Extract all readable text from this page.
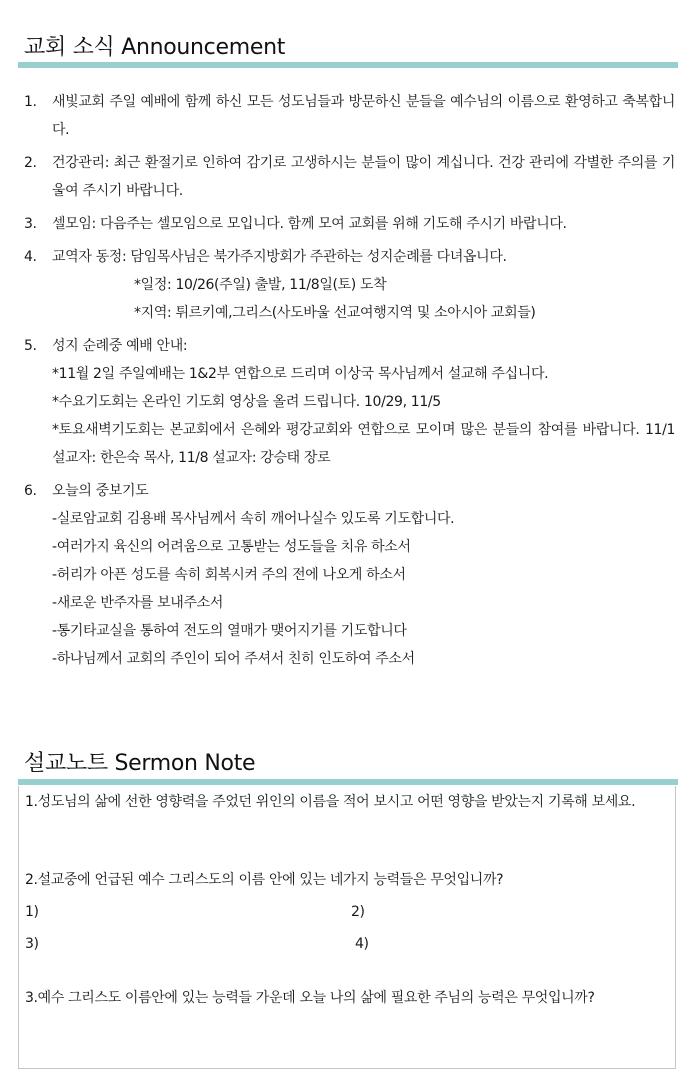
교회 소식 Announcement
1. 새빛교회 주일 예배에 함께 하신 모든 성도님들과 방문하신 분들을 예수님의 이름으로 환영하고 축복합니다.

2. 건강관리: 최근 환절기로 인하여 감기로 고생하시는 분들이 많이 계십니다. 건강 관리에 각별한 주의를 기울여 주시기 바랍니다.

3. 셀모임: 다음주는 셀모임으로 모입니다. 함께 모여 교회를 위해 기도해 주시기 바랍니다.

4. 교역자 동정: 담임목사님은 북가주지방회가 주관하는 성지순례를 다녀옵니다.

*일정: 10/26(주일) 출발, 11/8일(토) 도착

*지역: 튀르키예,그리스(사도바울 선교여행지역 및 소아시아 교회들)

5. 성지 순례중 예배 안내:

*11월 2일 주일예배는 1&2부 연합으로 드리며 이상국 목사님께서 설교해 주십니다.

*수요기도회는 온라인 기도회 영상을 올려 드립니다. 10/29, 11/5

*토요새벽기도회는 본교회에서 은혜와 평강교회와 연합으로 모이며 많은 분들의 참여를 바랍니다. 11/1 설교자: 한은숙 목사, 11/8 설교자: 강승태 장로

6. 오늘의 중보기도

-실로암교회 김용배 목사님께서 속히 깨어나실수 있도록 기도합니다.

-여러가지 육신의 어려움으로 고통받는 성도들을 치유 하소서

-허리가 아픈 성도를 속히 회복시켜 주의 전에 나오게 하소서

-새로운 반주자를 보내주소서

-통기타교실을 통하여 전도의 열매가 맺어지기를 기도합니다

-하나님께서 교회의 주인이 되어 주셔서 친히 인도하여 주소서

설교노트 Sermon Note

1.성도님의 삶에 선한 영향력을 주었던 위인의 이름을 적어 보시고 어떤 영향을 받았는지 기록해 보세요.

2.설교중에 언급된 예수 그리스도의 이름 안에 있는 네가지 능력들은 무엇입니까?

1)	2)
3)	4)

3.예수 그리스도 이름안에 있는 능력들 가운데 오늘 나의 삶에 필요한 주님의 능력은 무엇입니까?
